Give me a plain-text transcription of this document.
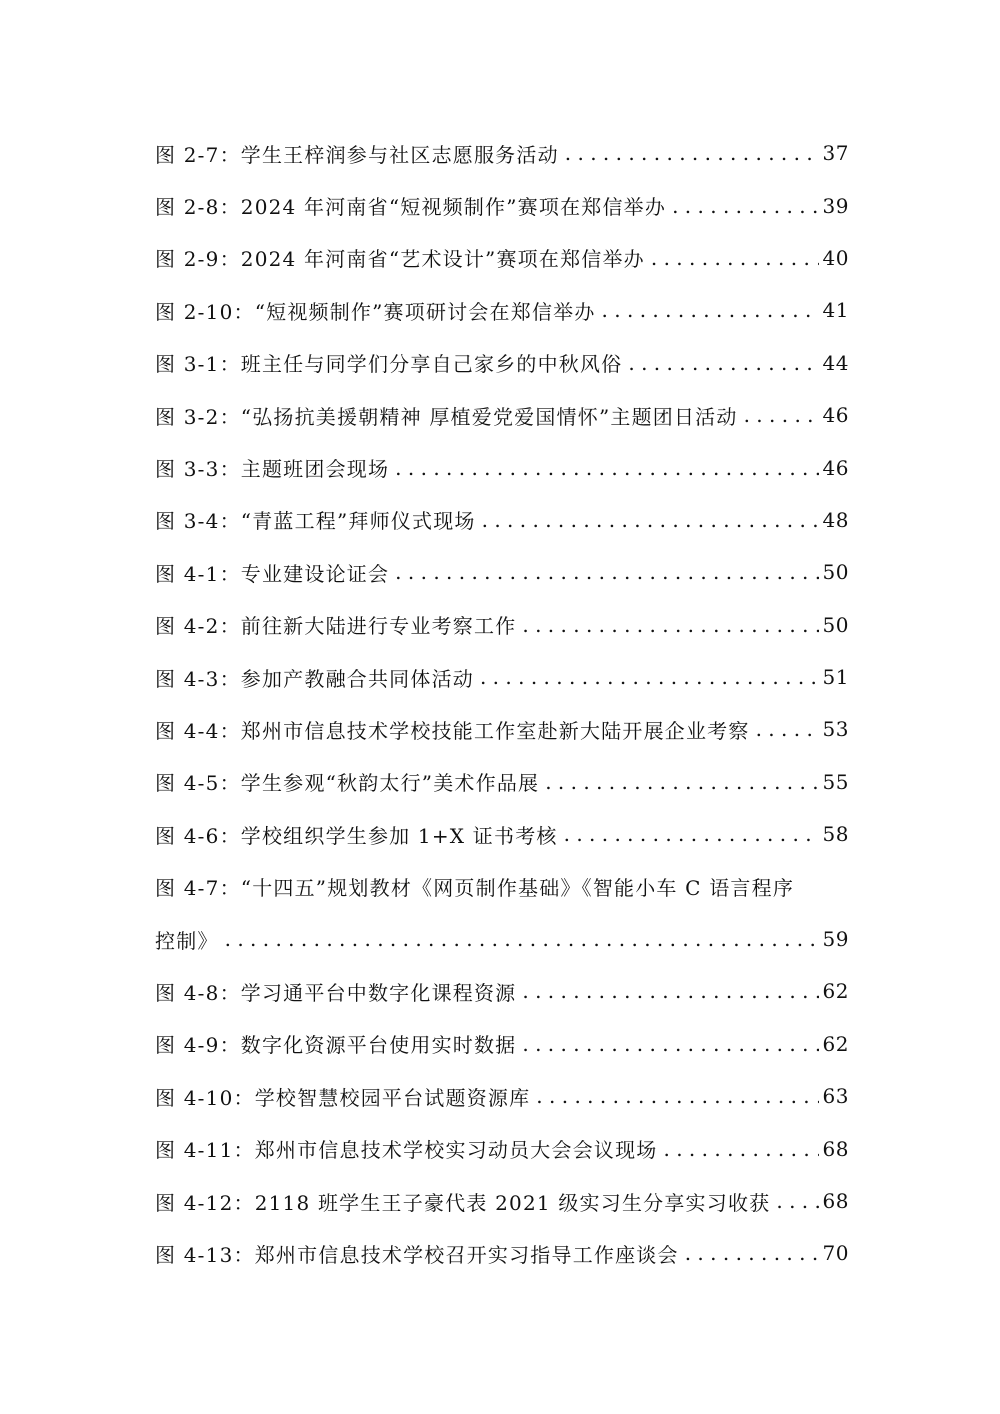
图 2-7：学生王梓润参与社区志愿服务活动 . . .	37
图 2-8：2024 年河南省“短视频制作”赛项在郑信举办 . . .	39
图 2-9：2024 年河南省“艺术设计”赛项在郑信举办 . . .	40
图 2-10：“短视频制作”赛项研讨会在郑信举办 . . .	41
图 3-1：班主任与同学们分享自己家乡的中秋风俗 . . .	44
图 3-2：“弘扬抗美援朝精神 厚植爱党爱国情怀”主题团日活动 . . .	46
图 3-3：主题班团会现场 . . .	46
图 3-4：“青蓝工程”拜师仪式现场 . . .	48
图 4-1：专业建设论证会 . . .	50
图 4-2：前往新大陆进行专业考察工作 . . .	50
图 4-3：参加产教融合共同体活动 . . .	51
图 4-4：郑州市信息技术学校技能工作室赴新大陆开展企业考察 . . .	53
图 4-5：学生参观“秋韵太行”美术作品展 . . .	55
图 4-6：学校组织学生参加 1+X 证书考核 . . .	58
图 4-7：“十四五”规划教材《网页制作基础》《智能小车 C 语言程序
控制》 . . .	59
图 4-8：学习通平台中数字化课程资源 . . .	62
图 4-9：数字化资源平台使用实时数据 . . .	62
图 4-10：学校智慧校园平台试题资源库 . . .	63
图 4-11：郑州市信息技术学校实习动员大会会议现场 . . .	68
图 4-12：2118 班学生王子豪代表 2021 级实习生分享实习收获 . . .	68
图 4-13：郑州市信息技术学校召开实习指导工作座谈会 . . .	70
